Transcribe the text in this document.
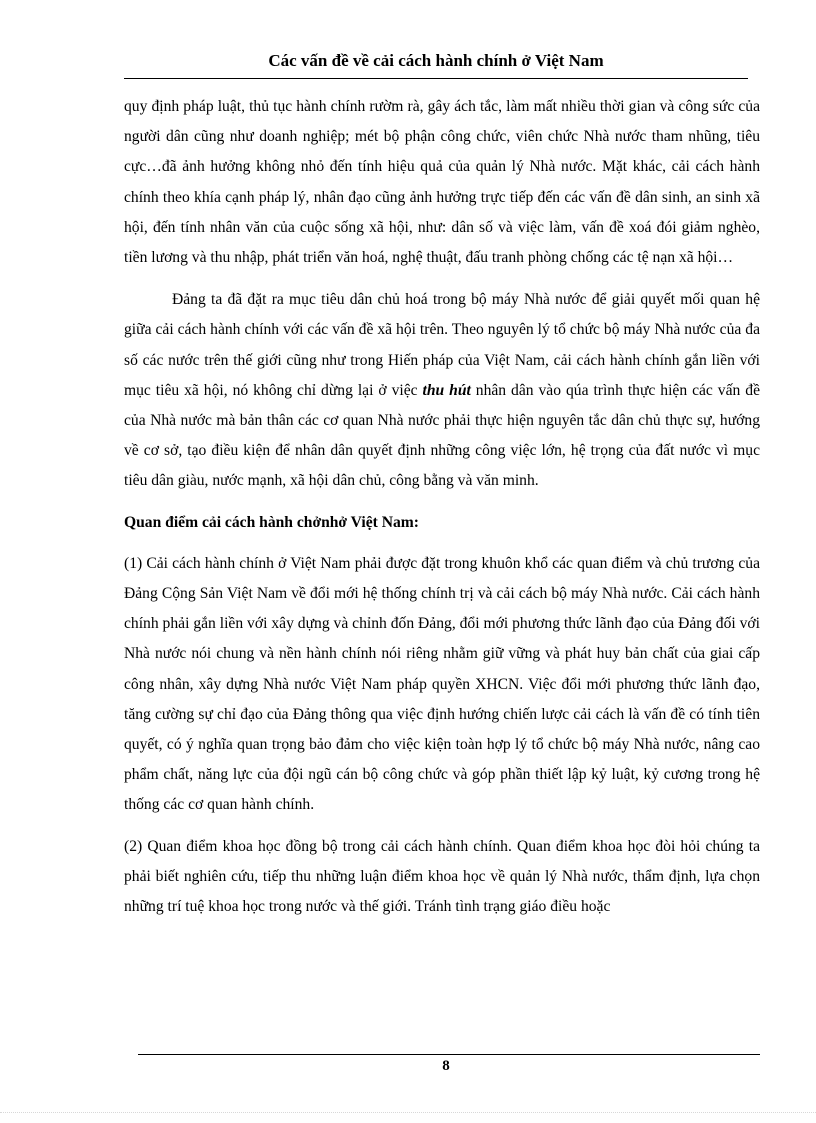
Các vấn đề về cải cách hành chính ở Việt Nam

quy định pháp luật, thủ tục hành chính rườm rà, gây ách tắc, làm mất nhiều thời gian và công sức của người dân cũng như doanh nghiệp; mét bộ phận công chức, viên chức Nhà nước tham nhũng, tiêu cực…đã ảnh hưởng không nhỏ đến tính hiệu quả của quản lý Nhà nước. Mặt khác, cải cách hành chính theo khía cạnh pháp lý, nhân đạo cũng ảnh hưởng trực tiếp đến các vấn đề dân sinh, an sinh xã hội, đến tính nhân văn của cuộc sống xã hội, như: dân số và việc làm, vấn đề xoá đói giảm nghèo, tiền lương và thu nhập, phát triển văn hoá, nghệ thuật, đấu tranh phòng chống các tệ nạn xã hội…

Đảng ta đã đặt ra mục tiêu dân chủ hoá trong bộ máy Nhà nước để giải quyết mối quan hệ giữa cải cách hành chính với các vấn đề xã hội trên. Theo nguyên lý tổ chức bộ máy Nhà nước của đa số các nước trên thế giới cũng như trong Hiến pháp của Việt Nam, cải cách hành chính gắn liền với mục tiêu xã hội, nó không chỉ dừng lại ở việc thu hút nhân dân vào qúa trình thực hiện các vấn đề của Nhà nước mà bản thân các cơ quan Nhà nước phải thực hiện nguyên tắc dân chủ thực sự, hướng về cơ sở, tạo điều kiện để nhân dân quyết định những công việc lớn, hệ trọng của đất nước vì mục tiêu dân giàu, nước mạnh, xã hội dân chủ, công bằng và văn minh.

Quan điểm cải cách hành chởnhở Việt Nam:

(1) Cải cách hành chính ở Việt Nam phải được đặt trong khuôn khổ các quan điểm và chủ trương của Đảng Cộng Sản Việt Nam về đổi mới hệ thống chính trị và cải cách bộ máy Nhà nước. Cải cách hành chính phải gắn liền với xây dựng và chỉnh đốn Đảng, đổi mới phương thức lãnh đạo của Đảng đối với Nhà nước nói chung và nền hành chính nói riêng nhằm giữ vững và phát huy bản chất của giai cấp công nhân, xây dựng Nhà nước Việt Nam pháp quyền XHCN. Việc đổi mới phương thức lãnh đạo, tăng cường sự chỉ đạo của Đảng thông qua việc định hướng chiến lược cải cách là vấn đề có tính tiên quyết, có ý nghĩa quan trọng bảo đảm cho việc kiện toàn hợp lý tổ chức bộ máy Nhà nước, nâng cao phẩm chất, năng lực của đội ngũ cán bộ công chức và góp phần thiết lập kỷ luật, kỷ cương trong hệ thống các cơ quan hành chính.

(2) Quan điểm khoa học đồng bộ trong cải cách hành chính. Quan điểm khoa học đòi hỏi chúng ta phải biết nghiên cứu, tiếp thu những luận điểm khoa học về quản lý Nhà nước, thẩm định, lựa chọn những trí tuệ khoa học trong nước và thế giới. Tránh tình trạng giáo điều hoặc

8
